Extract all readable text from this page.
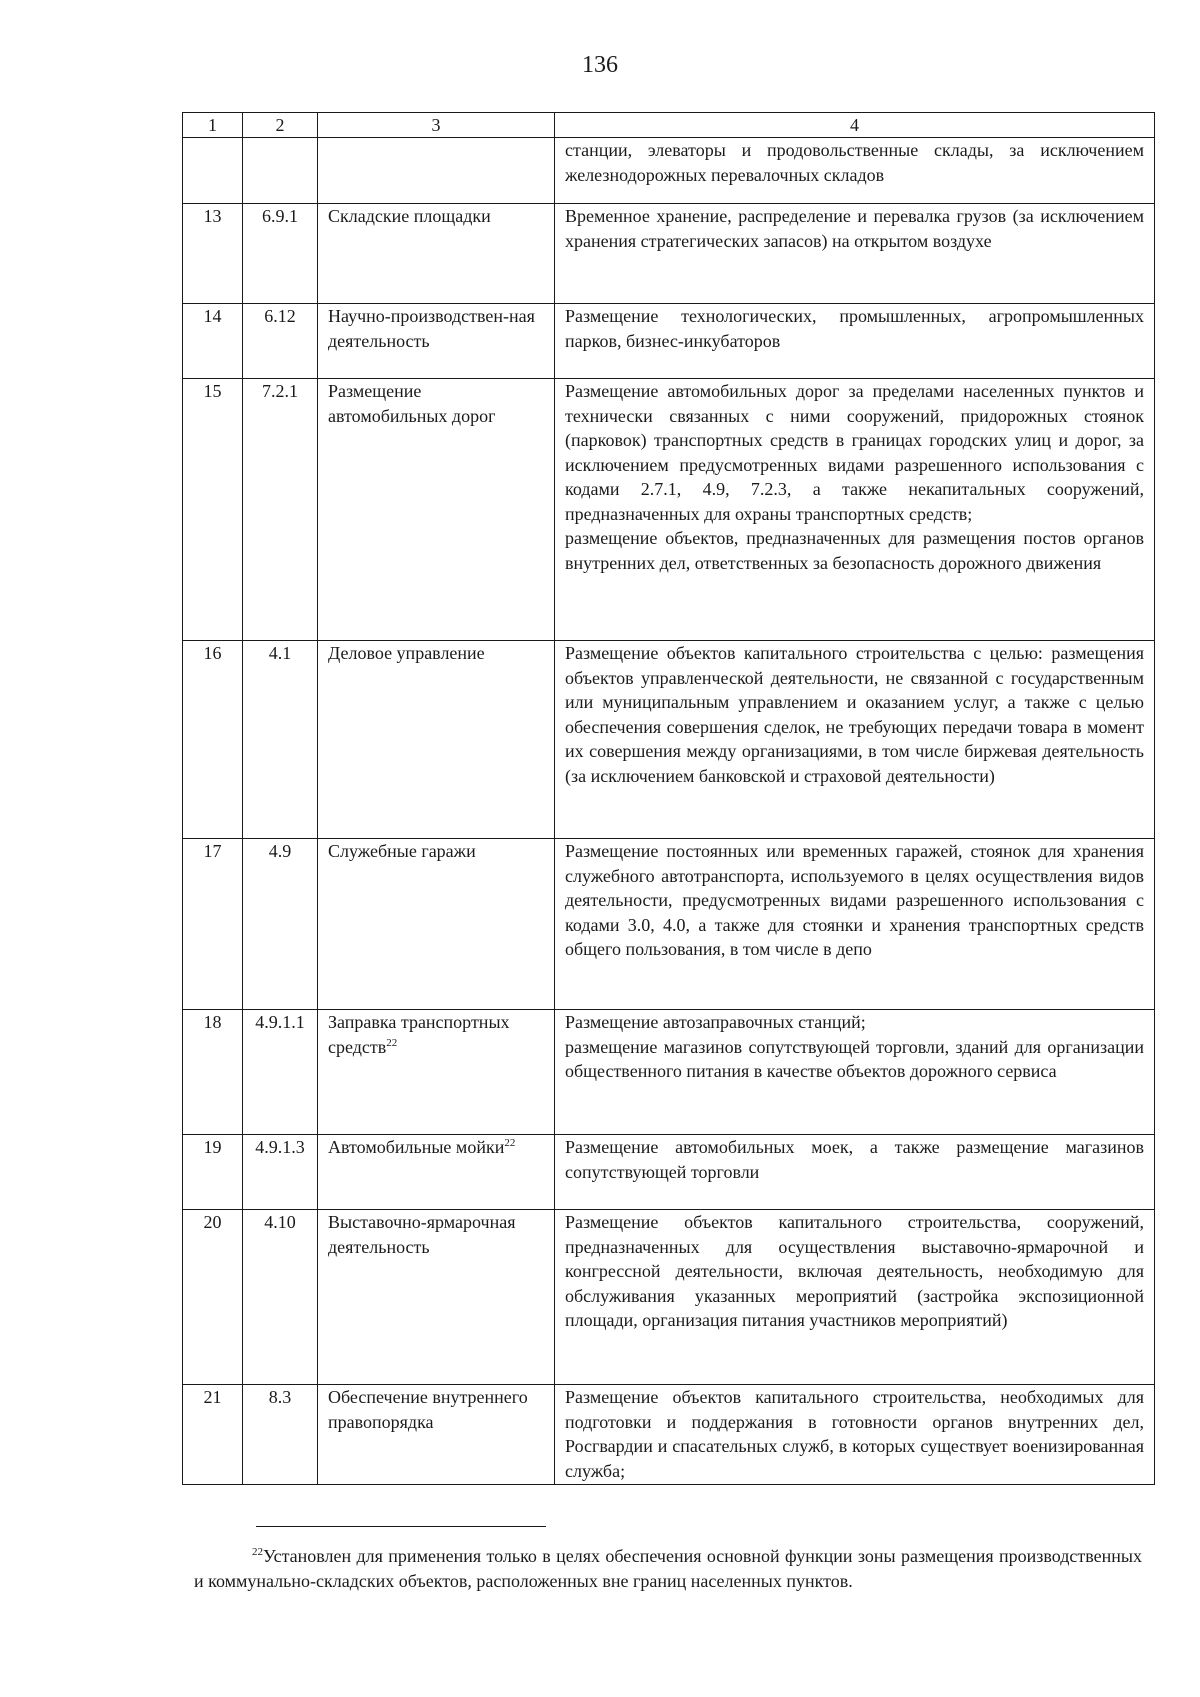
136
1	2	3	4
			станции, элеваторы и продовольственные склады, за исключением железнодорожных перевалочных складов
13	6.9.1	Складские площадки	Временное хранение, распределение и перевалка грузов (за исключением хранения стратегических запасов) на открытом воздухе
14	6.12	Научно-производствен-ная деятельность	Размещение технологических, промышленных, агропромышленных парков, бизнес-инкубаторов
15	7.2.1	Размещение автомобильных дорог	Размещение автомобильных дорог за пределами населенных пунктов и технически связанных с ними сооружений, придорожных стоянок (парковок) транспортных средств в границах городских улиц и дорог, за исключением предусмотренных видами разрешенного использования с кодами 2.7.1, 4.9, 7.2.3, а также некапитальных сооружений, предназначенных для охраны транспортных средств;
размещение объектов, предназначенных для размещения постов органов внутренних дел, ответственных за безопасность дорожного движения

16	4.1	Деловое управление	Размещение объектов капитального строительства с целью: размещения объектов управленческой деятельности, не связанной с государственным или муниципальным управлением и оказанием услуг, а также с целью обеспечения совершения сделок, не требующих передачи товара в момент их совершения между организациями, в том числе биржевая деятельность (за исключением банковской и страховой деятельности)
17	4.9	Служебные гаражи	Размещение постоянных или временных гаражей, стоянок для хранения служебного автотранспорта, используемого в целях осуществления видов деятельности, предусмотренных видами разрешенного использования с кодами 3.0, 4.0, а также для стоянки и хранения транспортных средств общего пользования, в том числе в депо
18	4.9.1.1	Заправка транспортных средств$^{22}$	Размещение автозаправочных станций;
размещение магазинов сопутствующей торговли, зданий для организации общественного питания в качестве объектов дорожного сервиса

19	4.9.1.3	Автомобильные мойки$^{22}$	Размещение автомобильных моек, а также размещение магазинов сопутствующей торговли
20	4.10	Выставочно-ярмарочная деятельность	Размещение объектов капитального строительства, сооружений, предназначенных для осуществления выставочно-ярмарочной и конгрессной деятельности, включая деятельность, необходимую для обслуживания указанных мероприятий (застройка экспозиционной площади, организация питания участников мероприятий)
21	8.3	Обеспечение внутреннего правопорядка	Размещение объектов капитального строительства, необходимых для подготовки и поддержания в готовности органов внутренних дел, Росгвардии и спасательных служб, в которых существует военизированная служба;
$^{22}$Установлен для применения только в целях обеспечения основной функции зоны размещения производственных и коммунально-складских объектов, расположенных вне границ населенных пунктов.
